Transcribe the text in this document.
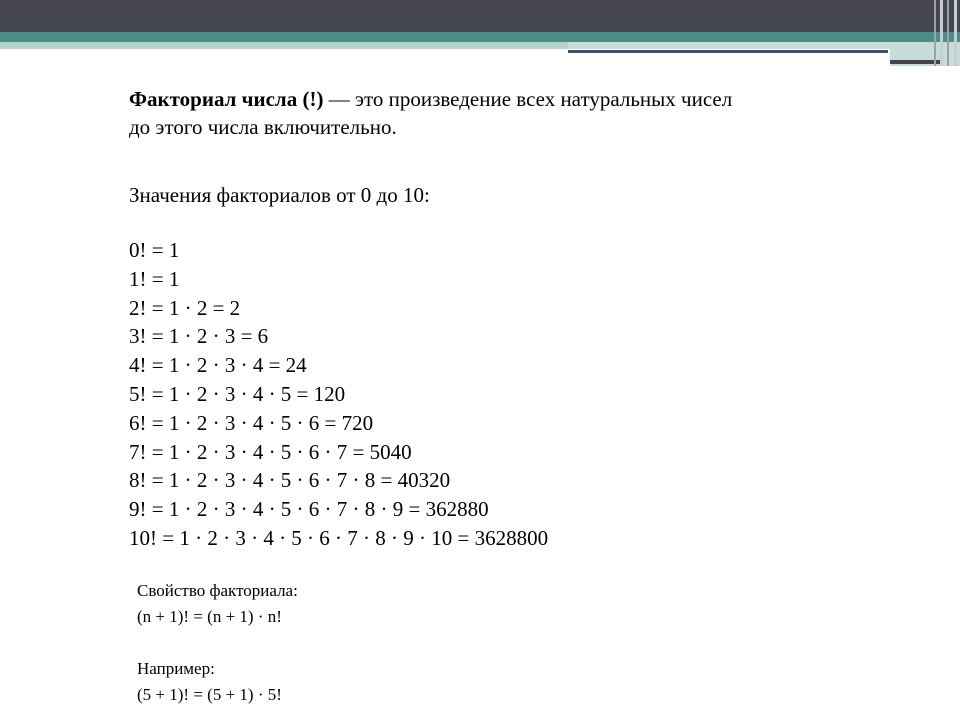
Факториал числа (!) — это произведение всех натуральных чисел
до этого числа включительно.
Значения факториалов от 0 до 10:
0! = 1
1! = 1
2! = 1 · 2 = 2
3! = 1 · 2 · 3 = 6
4! = 1 · 2 · 3 · 4 = 24
5! = 1 · 2 · 3 · 4 · 5 = 120
6! = 1 · 2 · 3 · 4 · 5 · 6 = 720
7! = 1 · 2 · 3 · 4 · 5 · 6 · 7 = 5040
8! = 1 · 2 · 3 · 4 · 5 · 6 · 7 · 8 = 40320
9! = 1 · 2 · 3 · 4 · 5 · 6 · 7 · 8 · 9 = 362880
10! = 1 · 2 · 3 · 4 · 5 · 6 · 7 · 8 · 9 · 10 = 3628800
Свойство факториала:
(n + 1)! = (n + 1) · n!
Например:
(5 + 1)! = (5 + 1) · 5!
